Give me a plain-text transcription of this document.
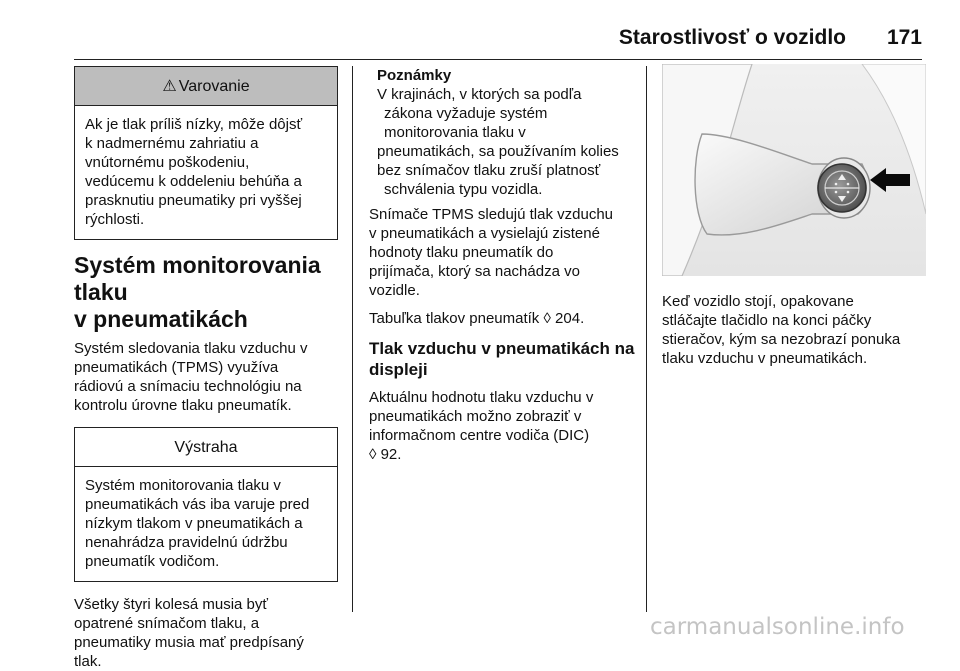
Starostlivosť o vozidlo 171
⚠ Varovanie

Ak je tlak príliš nízky, môže dôjsť

k nadmernému zahriatiu a

vnútornému poškodeniu,

vedúcemu k oddeleniu behúňa a

prasknutiu pneumatiky pri vyššej

rýchlosti.

Systém monitorovania tlaku

v pneumatikách

Systém sledovania tlaku vzduchu v

pneumatikách (TPMS) využíva

rádiovú a snímaciu technológiu na

kontrolu úrovne tlaku pneumatík.

Výstraha

Systém monitorovania tlaku v

pneumatikách vás iba varuje pred

nízkym tlakom v pneumatikách a

nenahrádza pravidelnú údržbu

pneumatík vodičom.

Všetky štyri kolesá musia byť

opatrené snímačom tlaku, a

pneumatiky musia mať predpísaný

tlak.

Poznámky

V krajinách, v ktorých sa podľa

zákona vyžaduje systém

monitorovania tlaku v

pneumatikách, sa používaním kolies

bez snímačov tlaku zruší platnosť

schválenia typu vozidla.

Snímače TPMS sledujú tlak vzduchu

v pneumatikách a vysielajú zistené

hodnoty tlaku pneumatík do

prijímača, ktorý sa nachádza vo

vozidle.

Tabuľka tlakov pneumatík ◊ 204.

Tlak vzduchu v pneumatikách na

displeji

Aktuálnu hodnotu tlaku vzduchu v

pneumatikách možno zobraziť v

informačnom centre vodiča (DIC)

◊ 92.

Keď vozidlo stojí, opakovane

stláčajte tlačidlo na konci páčky

stieračov, kým sa nezobrazí ponuka

tlaku vzduchu v pneumatikách.

carmanualsonline.info
